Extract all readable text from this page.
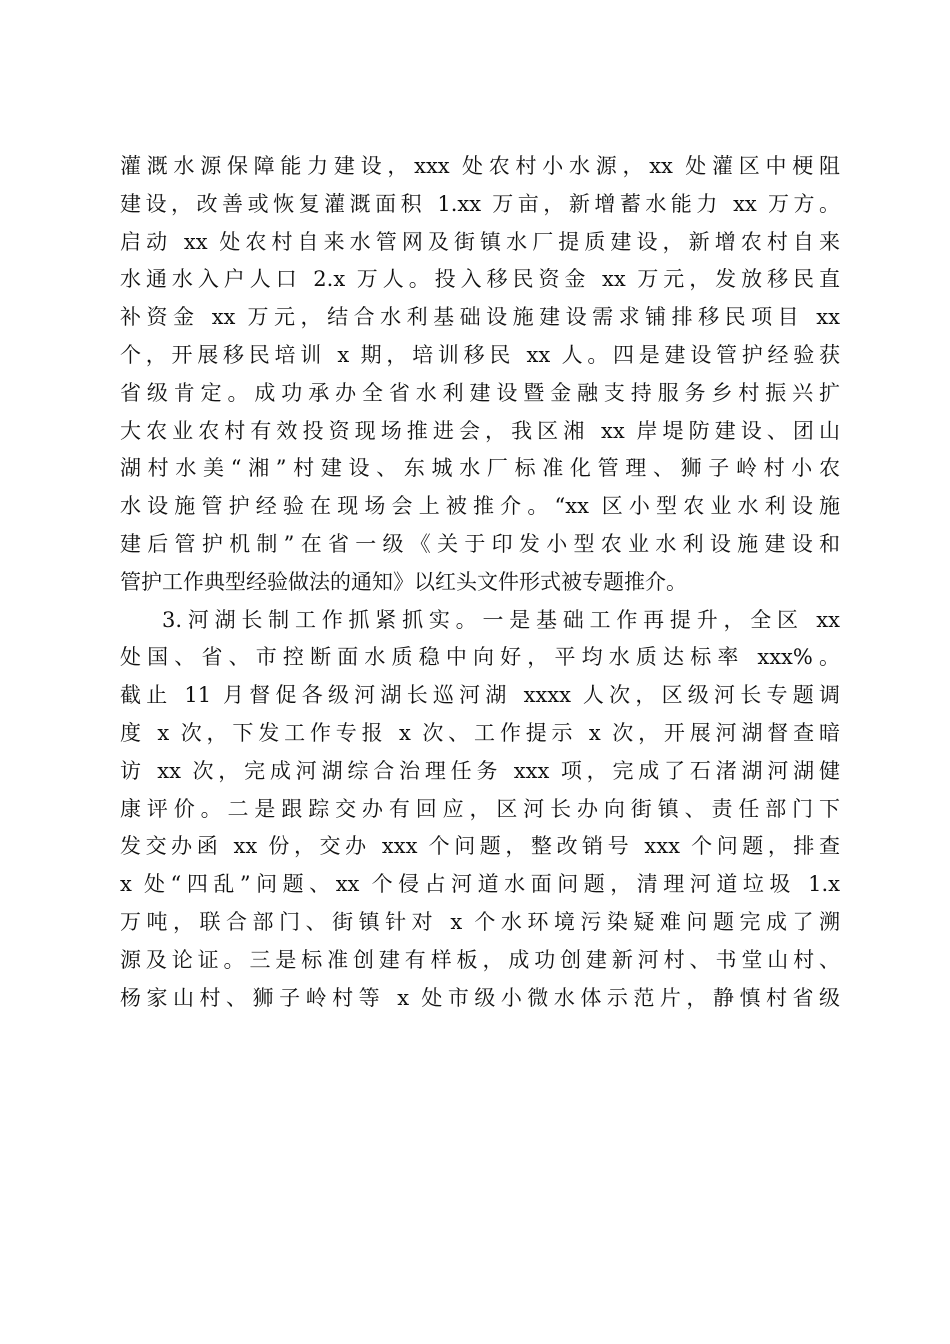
灌溉水源保障能力建设，xxx 处农村小水源，xx 处灌区中梗阻
建设，改善或恢复灌溉面积 1.xx 万亩，新增蓄水能力 xx 万方。
启动 xx 处农村自来水管网及街镇水厂提质建设，新增农村自来
水通水入户人口 2.x 万人。投入移民资金 xx 万元，发放移民直
补资金 xx 万元，结合水利基础设施建设需求铺排移民项目 xx
个，开展移民培训 x 期，培训移民 xx 人。四是建设管护经验获
省级肯定。成功承办全省水利建设暨金融支持服务乡村振兴扩
大农业农村有效投资现场推进会，我区湘 xx 岸堤防建设、团山
湖村水美“湘”村建设、东城水厂标准化管理、狮子岭村小农
水设施管护经验在现场会上被推介。“xx 区小型农业水利设施
建后管护机制”在省一级《关于印发小型农业水利设施建设和
管护工作典型经验做法的通知》以红头文件形式被专题推介。
3.河湖长制工作抓紧抓实。一是基础工作再提升，全区 xx
处国、省、市控断面水质稳中向好，平均水质达标率 xxx%。
截止 11 月督促各级河湖长巡河湖 xxxx 人次，区级河长专题调
度 x 次，下发工作专报 x 次、工作提示 x 次，开展河湖督查暗
访 xx 次，完成河湖综合治理任务 xxx 项，完成了石渚湖河湖健
康评价。二是跟踪交办有回应，区河长办向街镇、责任部门下
发交办函 xx 份，交办 xxx 个问题，整改销号 xxx 个问题，排查
x 处“四乱”问题、xx 个侵占河道水面问题，清理河道垃圾 1.x
万吨，联合部门、街镇针对 x 个水环境污染疑难问题完成了溯
源及论证。三是标准创建有样板，成功创建新河村、书堂山村、
杨家山村、狮子岭村等 x 处市级小微水体示范片，静慎村省级
